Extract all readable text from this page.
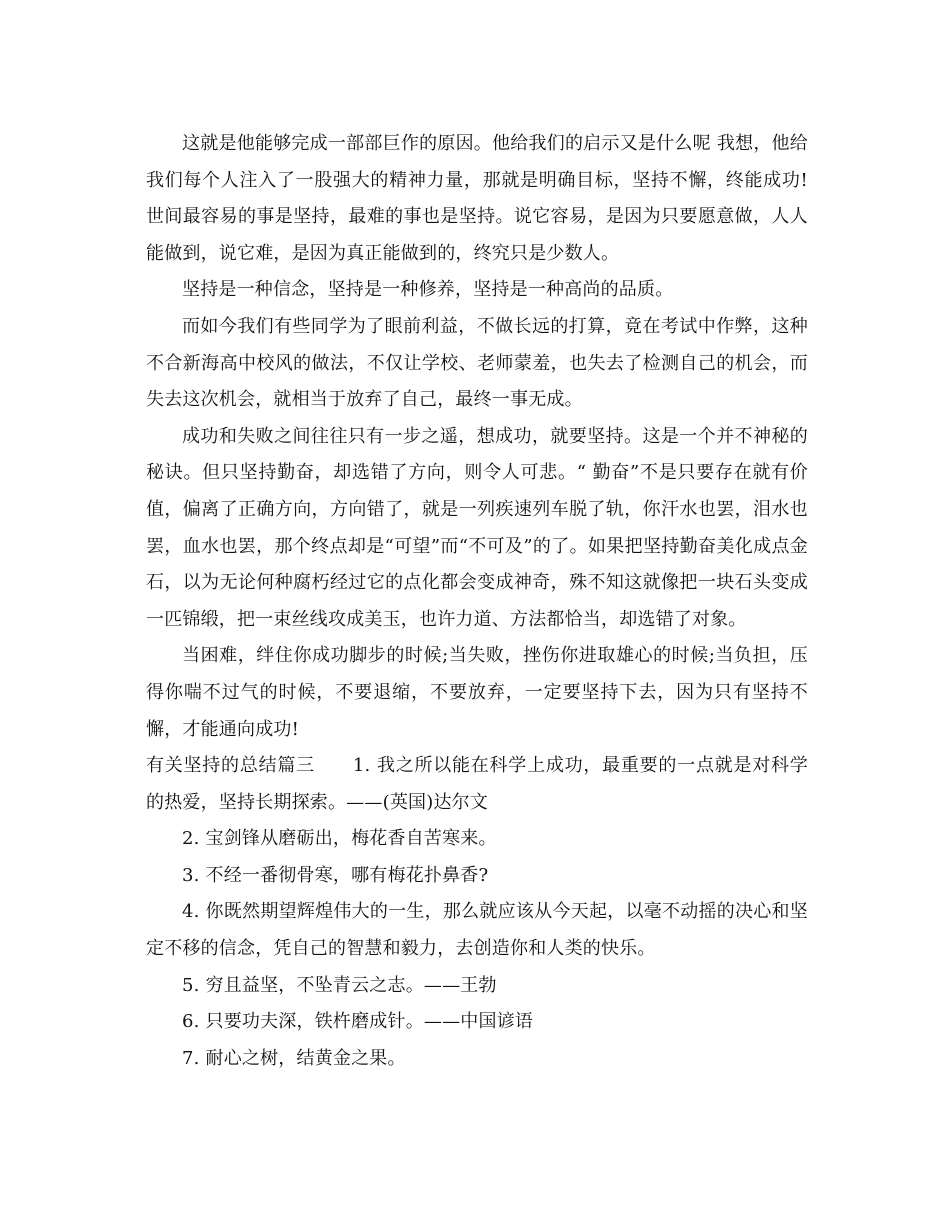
这就是他能够完成一部部巨作的原因。他给我们的启示又是什么呢 我想，他给我们每个人注入了一股强大的精神力量，那就是明确目标，坚持不懈，终能成功!世间最容易的事是坚持，最难的事也是坚持。说它容易，是因为只要愿意做，人人能做到，说它难，是因为真正能做到的，终究只是少数人。

坚持是一种信念，坚持是一种修养，坚持是一种高尚的品质。

而如今我们有些同学为了眼前利益，不做长远的打算，竟在考试中作弊，这种不合新海高中校风的做法，不仅让学校、老师蒙羞，也失去了检测自己的机会，而失去这次机会，就相当于放弃了自己，最终一事无成。

成功和失败之间往往只有一步之遥，想成功，就要坚持。这是一个并不神秘的秘诀。但只坚持勤奋，却选错了方向，则令人可悲。“ 勤奋”不是只要存在就有价值，偏离了正确方向，方向错了，就是一列疾速列车脱了轨，你汗水也罢，泪水也罢，血水也罢，那个终点却是“可望”而“不可及”的了。如果把坚持勤奋美化成点金石，以为无论何种腐朽经过它的点化都会变成神奇，殊不知这就像把一块石头变成一匹锦缎，把一束丝线攻成美玉，也许力道、方法都恰当，却选错了对象。

当困难，绊住你成功脚步的时候;当失败，挫伤你进取雄心的时候;当负担，压得你喘不过气的时候，不要退缩，不要放弃，一定要坚持下去，因为只有坚持不懈，才能通向成功!

有关坚持的总结篇三 1. 我之所以能在科学上成功，最重要的一点就是对科学的热爱，坚持长期探索。——(英国)达尔文

2. 宝剑锋从磨砺出，梅花香自苦寒来。

3. 不经一番彻骨寒，哪有梅花扑鼻香?

4. 你既然期望辉煌伟大的一生，那么就应该从今天起，以毫不动摇的决心和坚定不移的信念，凭自己的智慧和毅力，去创造你和人类的快乐。

5. 穷且益坚，不坠青云之志。——王勃

6. 只要功夫深，铁杵磨成针。——中国谚语

7. 耐心之树，结黄金之果。
